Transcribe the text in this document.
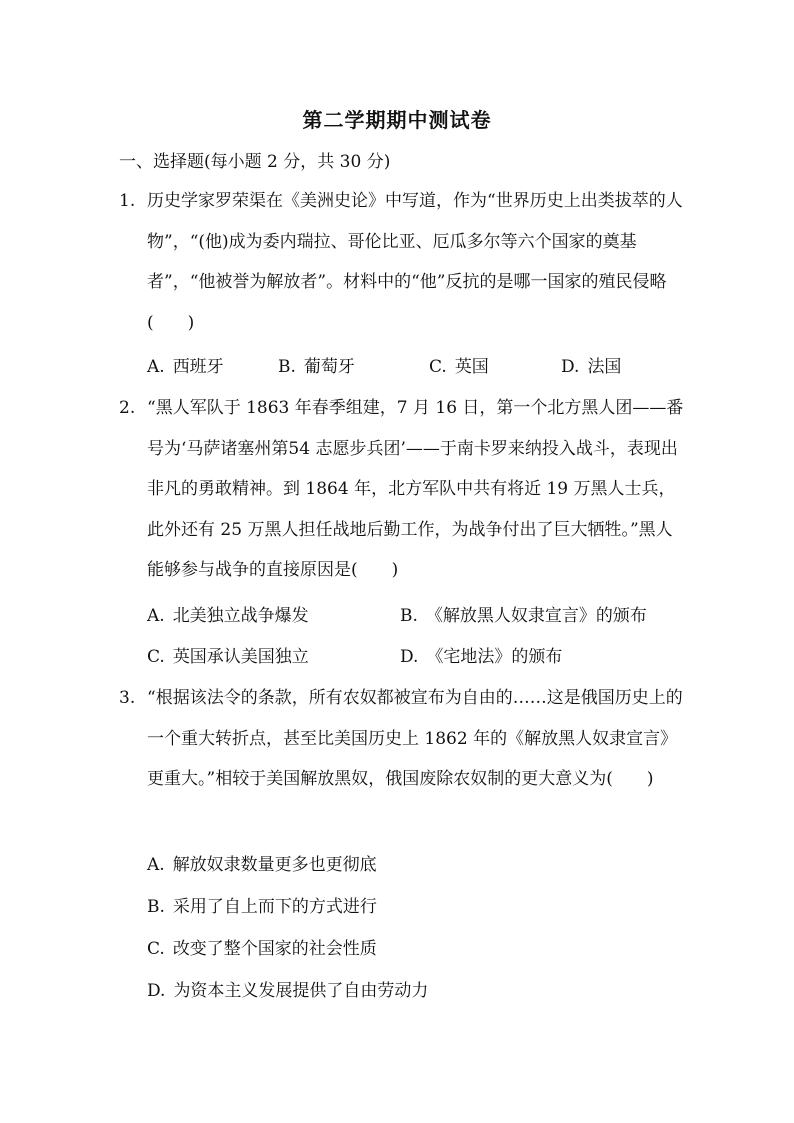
第二学期期中测试卷
一、选择题(每小题 2 分，共 30 分)
1. 历史学家罗荣渠在《美洲史论》中写道，作为“世界历史上出类拔萃的人物”，“(他)成为委内瑞拉、哥伦比亚、厄瓜多尔等六个国家的奠基者”，“他被誉为解放者”。材料中的“他”反抗的是哪一国家的殖民侵略(　　)
A. 西班牙	B. 葡萄牙	C. 英国	D. 法国
2. “黑人军队于 1863 年春季组建，7 月 16 日，第一个北方黑人团——番号为‘马萨诸塞州第54 志愿步兵团’——于南卡罗来纳投入战斗，表现出非凡的勇敢精神。到 1864 年，北方军队中共有将近 19 万黑人士兵，此外还有 25 万黑人担任战地后勤工作，为战争付出了巨大牺牲。”黑人能够参与战争的直接原因是(　　)
A. 北美独立战争爆发	B. 《解放黑人奴隶宣言》的颁布
C. 英国承认美国独立	D. 《宅地法》的颁布
3. “根据该法令的条款，所有农奴都被宣布为自由的……这是俄国历史上的一个重大转折点，甚至比美国历史上 1862 年的《解放黑人奴隶宣言》更重大。”相较于美国解放黑奴，俄国废除农奴制的更大意义为(　　)
A. 解放奴隶数量更多也更彻底
B. 采用了自上而下的方式进行
C. 改变了整个国家的社会性质
D. 为资本主义发展提供了自由劳动力
